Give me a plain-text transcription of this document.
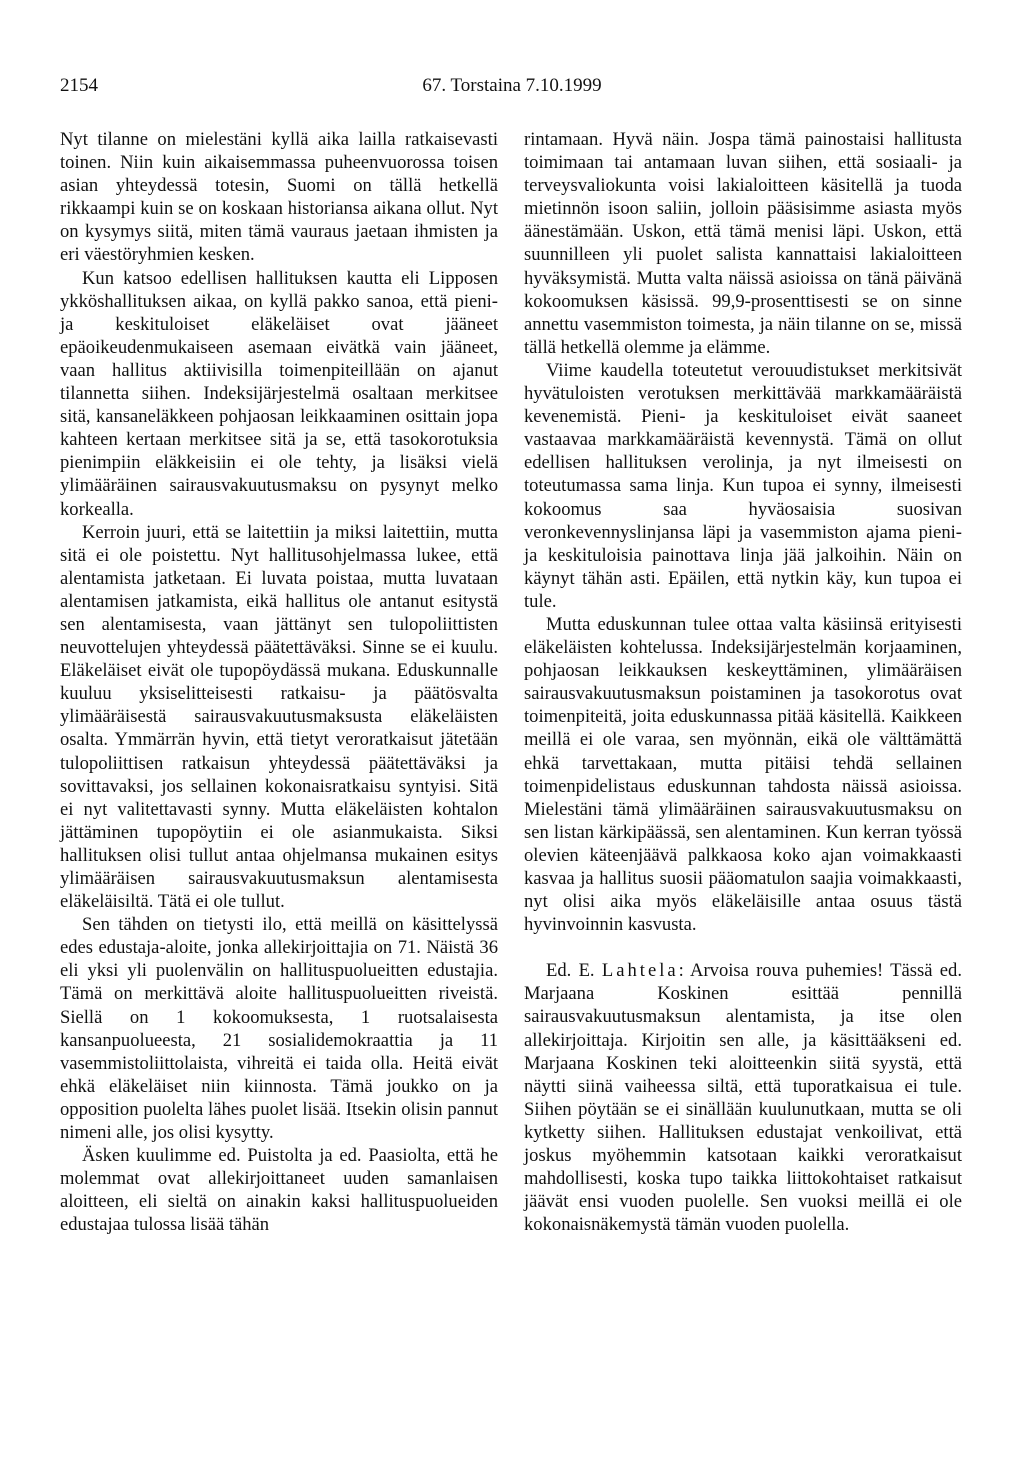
2154	67. Torstaina 7.10.1999

Nyt tilanne on mielestäni kyllä aika lailla ratkaisevasti toinen. Niin kuin aikaisemmassa puheenvuorossa toisen asian yhteydessä totesin, Suomi on tällä hetkellä rikkaampi kuin se on koskaan historiansa aikana ollut. Nyt on kysymys siitä, miten tämä vauraus jaetaan ihmisten ja eri väestöryhmien kesken.

Kun katsoo edellisen hallituksen kautta eli Lipposen ykköshallituksen aikaa, on kyllä pakko sanoa, että pieni- ja keskituloiset eläkeläiset ovat jääneet epäoikeudenmukaiseen asemaan eivätkä vain jääneet, vaan hallitus aktiivisilla toimenpiteillään on ajanut tilannetta siihen. Indeksijärjestelmä osaltaan merkitsee sitä, kansaneläkkeen pohjaosan leikkaaminen osittain jopa kahteen kertaan merkitsee sitä ja se, että tasokorotuksia pienimpiin eläkkeisiin ei ole tehty, ja lisäksi vielä ylimääräinen sairausvakuutusmaksu on pysynyt melko korkealla.

Kerroin juuri, että se laitettiin ja miksi laitettiin, mutta sitä ei ole poistettu. Nyt hallitusohjelmassa lukee, että alentamista jatketaan. Ei luvata poistaa, mutta luvataan alentamisen jatkamista, eikä hallitus ole antanut esitystä sen alentamisesta, vaan jättänyt sen tulopoliittisten neuvottelujen yhteydessä päätettäväksi. Sinne se ei kuulu. Eläkeläiset eivät ole tupopöydässä mukana. Eduskunnalle kuuluu yksiselitteisesti ratkaisu- ja päätösvalta ylimääräisestä sairausvakuutusmaksusta eläkeläisten osalta. Ymmärrän hyvin, että tietyt veroratkaisut jätetään tulopoliittisen ratkaisun yhteydessä päätettäväksi ja sovittavaksi, jos sellainen kokonaisratkaisu syntyisi. Sitä ei nyt valitettavasti synny. Mutta eläkeläisten kohtalon jättäminen tupopöytiin ei ole asianmukaista. Siksi hallituksen olisi tullut antaa ohjelmansa mukainen esitys ylimääräisen sairausvakuutusmaksun alentamisesta eläkeläisiltä. Tätä ei ole tullut.

Sen tähden on tietysti ilo, että meillä on käsittelyssä edes edustaja-aloite, jonka allekirjoittajia on 71. Näistä 36 eli yksi yli puolenvälin on hallituspuolueitten edustajia. Tämä on merkittävä aloite hallituspuolueitten riveistä. Siellä on 1 kokoomuksesta, 1 ruotsalaisesta kansanpuolueesta, 21 sosialidemokraattia ja 11 vasemmistoliittolaista, vihreitä ei taida olla. Heitä eivät ehkä eläkeläiset niin kiinnosta. Tämä joukko on ja opposition puolelta lähes puolet lisää. Itsekin olisin pannut nimeni alle, jos olisi kysytty.

Äsken kuulimme ed. Puistolta ja ed. Paasiolta, että he molemmat ovat allekirjoittaneet uuden samanlaisen aloitteen, eli sieltä on ainakin kaksi hallituspuolueiden edustajaa tulossa lisää tähän

rintamaan. Hyvä näin. Jospa tämä painostaisi hallitusta toimimaan tai antamaan luvan siihen, että sosiaali- ja terveysvaliokunta voisi lakialoitteen käsitellä ja tuoda mietinnön isoon saliin, jolloin pääsisimme asiasta myös äänestämään. Uskon, että tämä menisi läpi. Uskon, että suunnilleen yli puolet salista kannattaisi lakialoitteen hyväksymistä. Mutta valta näissä asioissa on tänä päivänä kokoomuksen käsissä. 99,9-prosenttisesti se on sinne annettu vasemmiston toimesta, ja näin tilanne on se, missä tällä hetkellä olemme ja elämme.

Viime kaudella toteutetut verouudistukset merkitsivät hyvätuloisten verotuksen merkittävää markkamääräistä kevenemistä. Pieni- ja keskituloiset eivät saaneet vastaavaa markkamääräistä kevennystä. Tämä on ollut edellisen hallituksen verolinja, ja nyt ilmeisesti on toteutumassa sama linja. Kun tupoa ei synny, ilmeisesti kokoomus saa hyväosaisia suosivan veronkevennyslinjansa läpi ja vasemmiston ajama pieni- ja keskituloisia painottava linja jää jalkoihin. Näin on käynyt tähän asti. Epäilen, että nytkin käy, kun tupoa ei tule.

Mutta eduskunnan tulee ottaa valta käsiinsä erityisesti eläkeläisten kohtelussa. Indeksijärjestelmän korjaaminen, pohjaosan leikkauksen keskeyttäminen, ylimääräisen sairausvakuutusmaksun poistaminen ja tasokorotus ovat toimenpiteitä, joita eduskunnassa pitää käsitellä. Kaikkeen meillä ei ole varaa, sen myönnän, eikä ole välttämättä ehkä tarvettakaan, mutta pitäisi tehdä sellainen toimenpidelistaus eduskunnan tahdosta näissä asioissa. Mielestäni tämä ylimääräinen sairausvakuutusmaksu on sen listan kärkipäässä, sen alentaminen. Kun kerran työssä olevien käteenjäävä palkkaosa koko ajan voimakkaasti kasvaa ja hallitus suosii pääomatulon saajia voimakkaasti, nyt olisi aika myös eläkeläisille antaa osuus tästä hyvinvoinnin kasvusta.

Ed. E. Lahtela: Arvoisa rouva puhemies! Tässä ed. Marjaana Koskinen esittää pennillä sairausvakuutusmaksun alentamista, ja itse olen allekirjoittaja. Kirjoitin sen alle, ja käsittääkseni ed. Marjaana Koskinen teki aloitteenkin siitä syystä, että näytti siinä vaiheessa siltä, että tuporatkaisua ei tule. Siihen pöytään se ei sinällään kuulunutkaan, mutta se oli kytketty siihen. Hallituksen edustajat venkoilivat, että joskus myöhemmin katsotaan kaikki veroratkaisut mahdollisesti, koska tupo taikka liittokohtaiset ratkaisut jäävät ensi vuoden puolelle. Sen vuoksi meillä ei ole kokonaisnäkemystä tämän vuoden puolella.
